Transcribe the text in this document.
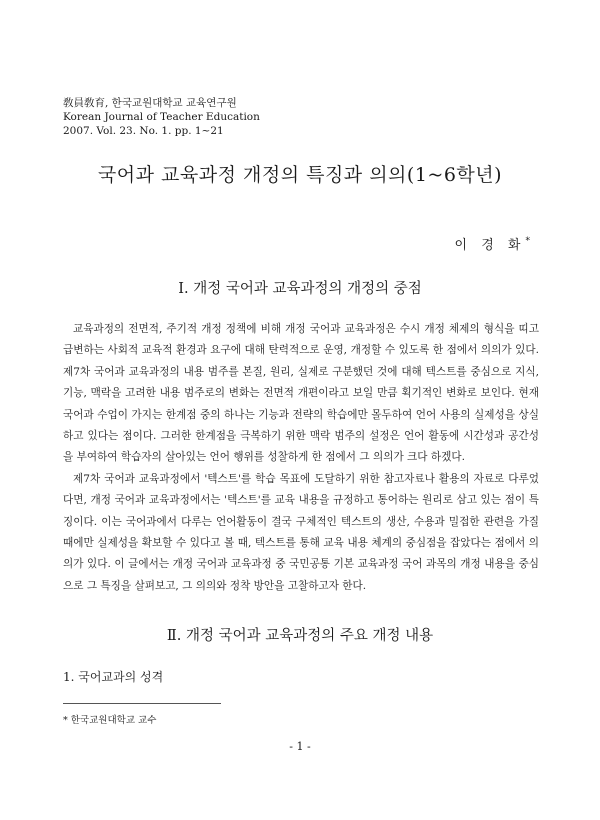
敎員敎育, 한국교원대학교 교육연구원
Korean Journal of Teacher Education
2007. Vol. 23. No. 1. pp. 1~21
국어과 교육과정 개정의 특징과 의의(1~6학년)
이 경 화*
Ⅰ. 개정 국어과 교육과정의 개정의 중점

교육과정의 전면적, 주기적 개정 정책에 비해 개정 국어과 교육과정은 수시 개정 체제의 형식을 띠고 급변하는 사회적 교육적 환경과 요구에 대해 탄력적으로 운영, 개정할 수 있도록 한 점에서 의의가 있다. 제7차 국어과 교육과정의 내용 범주를 본질, 원리, 실제로 구분했던 것에 대해 텍스트를 중심으로 지식, 기능, 맥락을 고려한 내용 범주로의 변화는 전면적 개편이라고 보일 만큼 획기적인 변화로 보인다. 현재 국어과 수업이 가지는 한계점 중의 하나는 기능과 전략의 학습에만 몰두하여 언어 사용의 실제성을 상실하고 있다는 점이다. 그러한 한계점을 극복하기 위한 맥락 범주의 설정은 언어 활동에 시간성과 공간성을 부여하여 학습자의 살아있는 언어 행위를 성찰하게 한 점에서 그 의의가 크다 하겠다.

제7차 국어과 교육과정에서 '텍스트'를 학습 목표에 도달하기 위한 참고자료나 활용의 자료로 다루었다면, 개정 국어과 교육과정에서는 '텍스트'를 교육 내용을 규정하고 통어하는 원리로 삼고 있는 점이 특징이다. 이는 국어과에서 다루는 언어활동이 결국 구체적인 텍스트의 생산, 수용과 밀접한 관련을 가질 때에만 실제성을 확보할 수 있다고 볼 때, 텍스트를 통해 교육 내용 체계의 중심점을 잡았다는 점에서 의의가 있다. 이 글에서는 개정 국어과 교육과정 중 국민공통 기본 교육과정 국어 과목의 개정 내용을 중심으로 그 특징을 살펴보고, 그 의의와 정착 방안을 고찰하고자 한다.

Ⅱ. 개정 국어과 교육과정의 주요 개정 내용
1. 국어교과의 성격
* 한국교원대학교 교수
- 1 -
